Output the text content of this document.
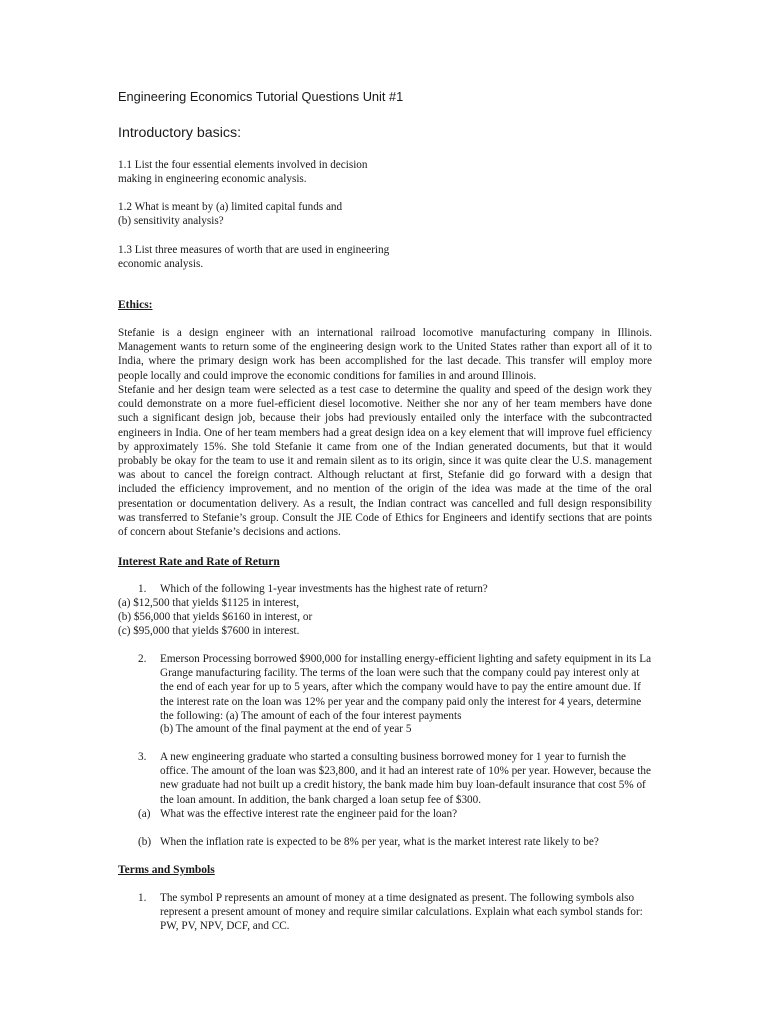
Engineering Economics Tutorial Questions Unit #1
Introductory basics:

1.1 List the four essential elements involved in decision
making in engineering economic analysis.

1.2 What is meant by (a) limited capital funds and
(b) sensitivity analysis?

1.3 List three measures of worth that are used in engineering
economic analysis.

Ethics:

Stefanie is a design engineer with an international railroad locomotive manufacturing company in Illinois. Management wants to return some of the engineering design work to the United States rather than export all of it to India, where the primary design work has been accomplished for the last decade. This transfer will employ more people locally and could improve the economic conditions for families in and around Illinois.

Stefanie and her design team were selected as a test case to determine the quality and speed of the design work they could demonstrate on a more fuel-efficient diesel locomotive. Neither she nor any of her team members have done such a significant design job, because their jobs had previously entailed only the interface with the subcontracted engineers in India. One of her team members had a great design idea on a key element that will improve fuel efficiency by approximately 15%. She told Stefanie it came from one of the Indian generated documents, but that it would probably be okay for the team to use it and remain silent as to its origin, since it was quite clear the U.S. management was about to cancel the foreign contract. Although reluctant at first, Stefanie did go forward with a design that included the efficiency improvement, and no mention of the origin of the idea was made at the time of the oral presentation or documentation delivery. As a result, the Indian contract was cancelled and full design responsibility was transferred to Stefanie’s group. Consult the JIE Code of Ethics for Engineers and identify sections that are points of concern about Stefanie’s decisions and actions.

Interest Rate and Rate of Return
1. Which of the following 1-year investments has the highest rate of return?

(a) $12,500 that yields $1125 in interest,
(b) $56,000 that yields $6160 in interest, or
(c) $95,000 that yields $7600 in interest.

2. Emerson Processing borrowed $900,000 for installing energy-efficient lighting and safety equipment in its La Grange manufacturing facility. The terms of the loan were such that the company could pay interest only at the end of each year for up to 5 years, after which the company would have to pay the entire amount due. If the interest rate on the loan was 12% per year and the company paid only the interest for 4 years, determine the following: (a) The amount of each of the four interest payments

(b) The amount of the final payment at the end of year 5

3. A new engineering graduate who started a consulting business borrowed money for 1 year to furnish the office. The amount of the loan was $23,800, and it had an interest rate of 10% per year. However, because the new graduate had not built up a credit history, the bank made him buy loan-default insurance that cost 5% of the loan amount. In addition, the bank charged a loan setup fee of $300.

(a) What was the effective interest rate the engineer paid for the loan?

(b) When the inflation rate is expected to be 8% per year, what is the market interest rate likely to be?

Terms and Symbols
1. The symbol P represents an amount of money at a time designated as present. The following symbols also represent a present amount of money and require similar calculations. Explain what each symbol stands for: PW, PV, NPV, DCF, and CC.
